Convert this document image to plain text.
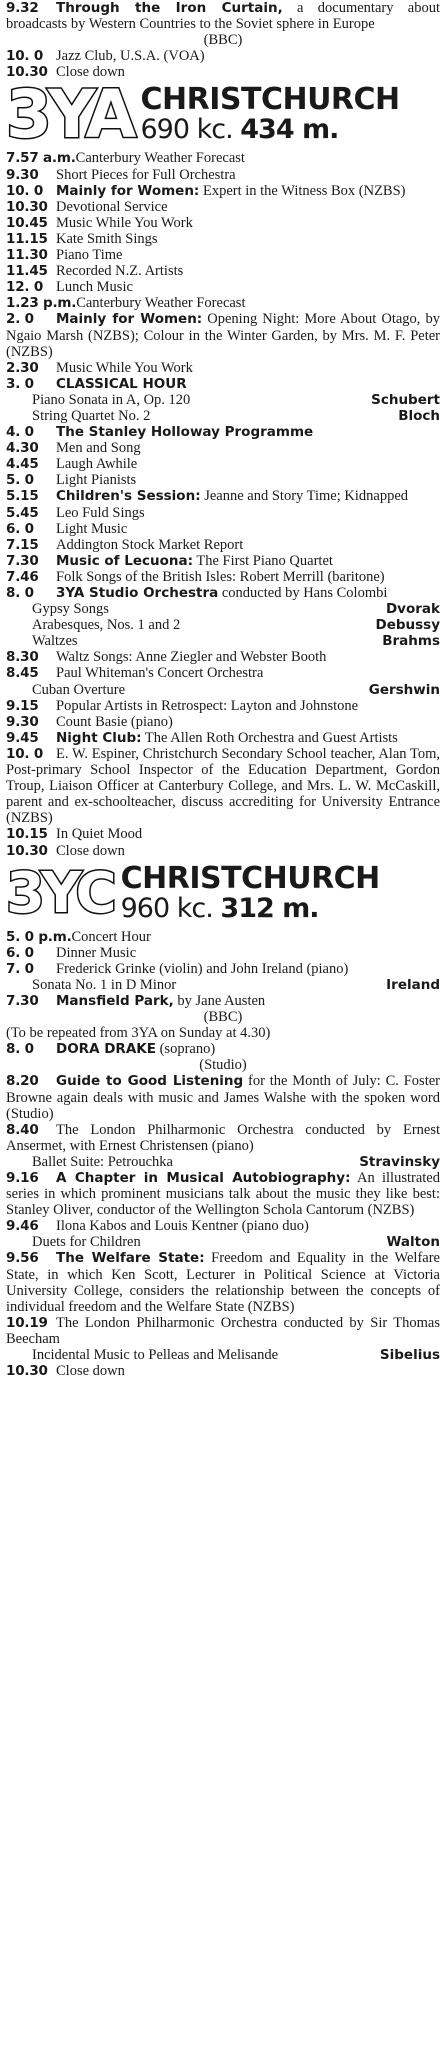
9.32 Through the Iron Curtain, a documentary about broadcasts by Western Countries to the Soviet sphere in Europe

(BBC)

10. 0 Jazz Club, U.S.A. (VOA)

10.30 Close down

3YA CHRISTCHURCH
690 kc. 434 m.

7.57 a.m.Canterbury Weather Forecast

9.30 Short Pieces for Full Orchestra

10. 0 Mainly for Women: Expert in the Witness Box (NZBS)

10.30 Devotional Service

10.45 Music While You Work

11.15 Kate Smith Sings

11.30 Piano Time

11.45 Recorded N.Z. Artists

12. 0 Lunch Music

1.23 p.m.Canterbury Weather Forecast

2. 0 Mainly for Women: Opening Night: More About Otago, by Ngaio Marsh (NZBS); Colour in the Winter Garden, by Mrs. M. F. Peter (NZBS)

2.30 Music While You Work

3. 0 CLASSICAL HOUR

Piano Sonata in A, Op. 120	Schubert
String Quartet No. 2	Bloch

4. 0 The Stanley Holloway Programme

4.30 Men and Song

4.45 Laugh Awhile

5. 0 Light Pianists

5.15 Children's Session: Jeanne and Story Time; Kidnapped

5.45 Leo Fuld Sings

6. 0 Light Music

7.15 Addington Stock Market Report

7.30 Music of Lecuona: The First Piano Quartet

7.46 Folk Songs of the British Isles: Robert Merrill (baritone)

8. 0 3YA Studio Orchestra conducted by Hans Colombi

Gypsy Songs	Dvorak
Arabesques, Nos. 1 and 2	Debussy
Waltzes	Brahms

8.30 Waltz Songs: Anne Ziegler and Webster Booth

8.45 Paul Whiteman's Concert Orchestra

Cuban Overture	Gershwin

9.15 Popular Artists in Retrospect: Layton and Johnstone

9.30 Count Basie (piano)

9.45 Night Club: The Allen Roth Orchestra and Guest Artists

10. 0 E. W. Espiner, Christchurch Secondary School teacher, Alan Tom, Post-primary School Inspector of the Education Department, Gordon Troup, Liaison Officer at Canterbury College, and Mrs. L. W. McCaskill, parent and ex-schoolteacher, discuss accrediting for University Entrance (NZBS)

10.15 In Quiet Mood

10.30 Close down

3YC CHRISTCHURCH
960 kc. 312 m.

5. 0 p.m.Concert Hour

6. 0 Dinner Music

7. 0 Frederick Grinke (violin) and John Ireland (piano)

Sonata No. 1 in D Minor	Ireland

7.30 Mansfield Park, by Jane Austen

(BBC)

(To be repeated from 3YA on Sunday at 4.30)

8. 0 DORA DRAKE (soprano)

(Studio)

8.20 Guide to Good Listening for the Month of July: C. Foster Browne again deals with music and James Walshe with the spoken word (Studio)

8.40 The London Philharmonic Orchestra conducted by Ernest Ansermet, with Ernest Christensen (piano)

Ballet Suite: Petrouchka	Stravinsky

9.16 A Chapter in Musical Autobiography: An illustrated series in which prominent musicians talk about the music they like best: Stanley Oliver, conductor of the Wellington Schola Cantorum (NZBS)

9.46 Ilona Kabos and Louis Kentner (piano duo)

Duets for Children	Walton

9.56 The Welfare State: Freedom and Equality in the Welfare State, in which Ken Scott, Lecturer in Political Science at Victoria University College, considers the relationship between the concepts of individual freedom and the Welfare State (NZBS)

10.19 The London Philharmonic Orchestra conducted by Sir Thomas Beecham

Incidental Music to Pelleas and Melisande	Sibelius

10.30 Close down
